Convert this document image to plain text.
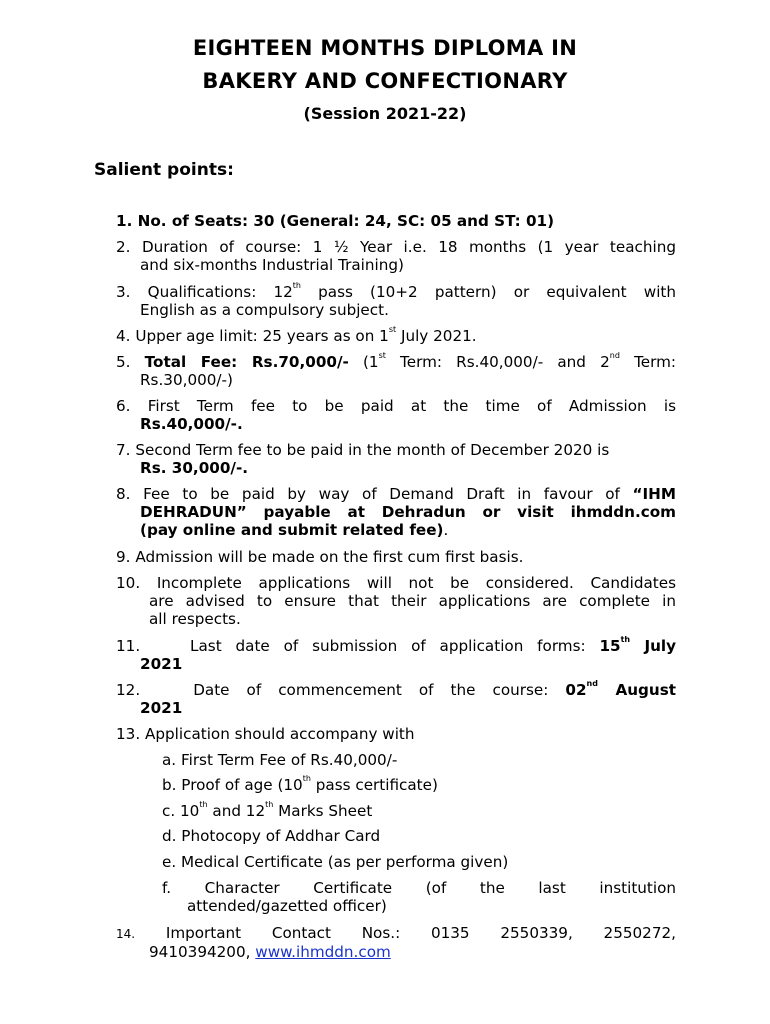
EIGHTEEN MONTHS DIPLOMA IN
BAKERY AND CONFECTIONARY
(Session 2021-22)
Salient points:
1. No. of Seats: 30 (General: 24, SC: 05 and ST: 01)
2. Duration of course: 1 ½ Year i.e. 18 months (1 year teaching
and six-months Industrial Training)
3. Qualifications: 12th pass (10+2 pattern) or equivalent with
English as a compulsory subject.
4. Upper age limit: 25 years as on 1st July 2021.
5. Total Fee: Rs.70,000/- (1st Term: Rs.40,000/- and 2nd Term:
Rs.30,000/-)
6. First Term fee to be paid at the time of Admission is
Rs.40,000/-.
7. Second Term fee to be paid in the month of December 2020 is
Rs. 30,000/-.
8. Fee to be paid by way of Demand Draft in favour of “IHM
DEHRADUN” payable at Dehradun or visit ihmddn.com
(pay online and submit related fee).
9. Admission will be made on the first cum first basis.
10. Incomplete applications will not be considered. Candidates
are advised to ensure that their applications are complete in
all respects.
11.	Last date of submission of application forms: 15th July
2021
12.	Date of commencement of the course: 02nd August
2021
13. Application should accompany with
a. First Term Fee of Rs.40,000/-
b. Proof of age (10th pass certificate)
c. 10th and 12th Marks Sheet
d. Photocopy of Addhar Card
e. Medical Certificate (as per performa given)
f. Character Certificate (of the last institution
attended/gazetted officer)
14. Important Contact Nos.: 0135 2550339, 2550272,
9410394200, www.ihmddn.com
